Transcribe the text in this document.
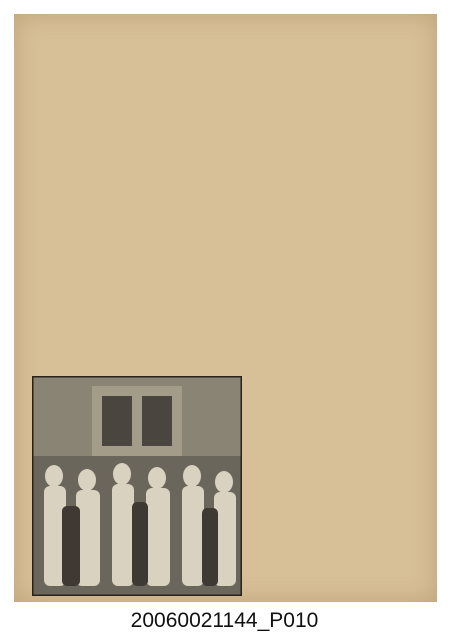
20060021144_P010
